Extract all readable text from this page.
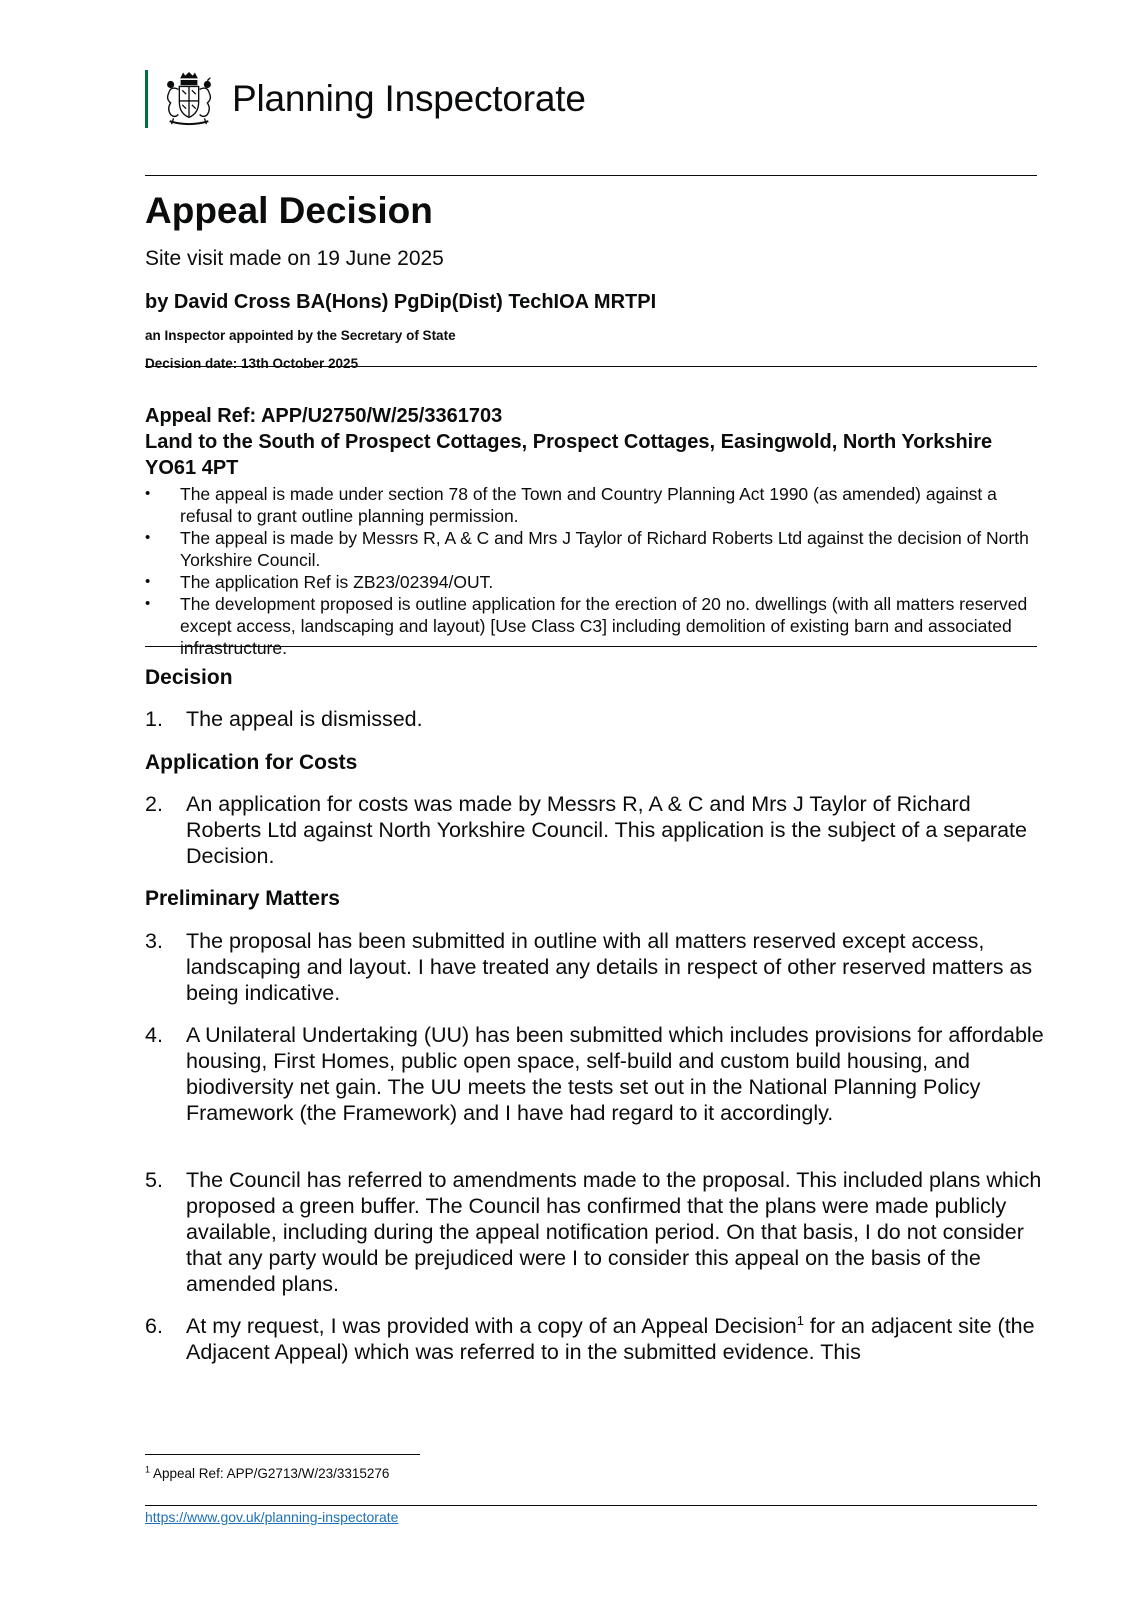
Planning Inspectorate
Appeal Decision
Site visit made on 19 June 2025
by David Cross BA(Hons) PgDip(Dist) TechIOA MRTPI
an Inspector appointed by the Secretary of State
Decision date: 13th October 2025

Appeal Ref: APP/U2750/W/25/3361703

Land to the South of Prospect Cottages, Prospect Cottages, Easingwold, North Yorkshire YO61 4PT

• The appeal is made under section 78 of the Town and Country Planning Act 1990 (as amended) against a refusal to grant outline planning permission.
• The appeal is made by Messrs R, A & C and Mrs J Taylor of Richard Roberts Ltd against the decision of North Yorkshire Council.
• The application Ref is ZB23/02394/OUT.
• The development proposed is outline application for the erection of 20 no. dwellings (with all matters reserved except access, landscaping and layout) [Use Class C3] including demolition of existing barn and associated infrastructure.
Decision
1. The appeal is dismissed.
Application for Costs
2. An application for costs was made by Messrs R, A & C and Mrs J Taylor of Richard Roberts Ltd against North Yorkshire Council. This application is the subject of a separate Decision.
Preliminary Matters
3. The proposal has been submitted in outline with all matters reserved except access, landscaping and layout. I have treated any details in respect of other reserved matters as being indicative.
4. A Unilateral Undertaking (UU) has been submitted which includes provisions for affordable housing, First Homes, public open space, self-build and custom build housing, and biodiversity net gain. The UU meets the tests set out in the National Planning Policy Framework (the Framework) and I have had regard to it accordingly.
5. The Council has referred to amendments made to the proposal. This included plans which proposed a green buffer. The Council has confirmed that the plans were made publicly available, including during the appeal notification period. On that basis, I do not consider that any party would be prejudiced were I to consider this appeal on the basis of the amended plans.
6. At my request, I was provided with a copy of an Appeal Decision$^1$ for an adjacent site (the Adjacent Appeal) which was referred to in the submitted evidence. This
$^1$ Appeal Ref: APP/G2713/W/23/3315276
https://www.gov.uk/planning-inspectorate
